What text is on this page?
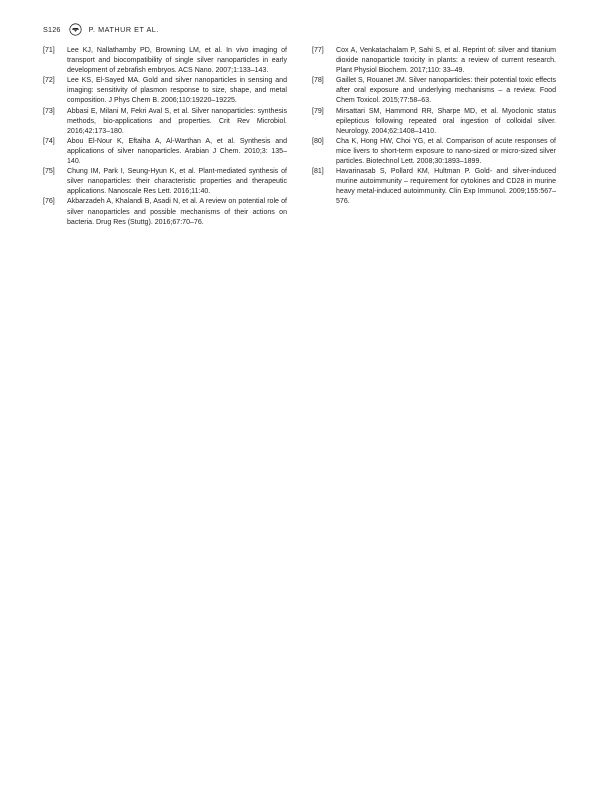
S126	P. MATHUR ET AL.
[71]	Lee KJ, Nallathamby PD, Browning LM, et al. In vivo imaging of transport and biocompatibility of single silver nanoparticles in early development of zebrafish embryos. ACS Nano. 2007;1:133–143.
[72]	Lee KS, El-Sayed MA. Gold and silver nanoparticles in sensing and imaging: sensitivity of plasmon response to size, shape, and metal composition. J Phys Chem B. 2006;110:19220–19225.
[73]	Abbasi E, Milani M, Fekri Aval S, et al. Silver nanoparticles: synthesis methods, bio-applications and properties. Crit Rev Microbiol. 2016;42:173–180.
[74]	Abou El-Nour K, Eftaiha A, Al-Warthan A, et al. Synthesis and applications of silver nanoparticles. Arabian J Chem. 2010;3: 135–140.
[75]	Chung IM, Park I, Seung-Hyun K, et al. Plant-mediated synthesis of silver nanoparticles: their characteristic properties and therapeutic applications. Nanoscale Res Lett. 2016;11:40.
[76]	Akbarzadeh A, Khalandi B, Asadi N, et al. A review on potential role of silver nanoparticles and possible mechanisms of their actions on bacteria. Drug Res (Stuttg). 2016;67:70–76.
[77]	Cox A, Venkatachalam P, Sahi S, et al. Reprint of: silver and titanium dioxide nanoparticle toxicity in plants: a review of current research. Plant Physiol Biochem. 2017;110: 33–49.
[78]	Gaillet S, Rouanet JM. Silver nanoparticles: their potential toxic effects after oral exposure and underlying mechanisms – a review. Food Chem Toxicol. 2015;77:58–63.
[79]	Mirsattari SM, Hammond RR, Sharpe MD, et al. Myoclonic status epilepticus following repeated oral ingestion of colloidal silver. Neurology. 2004;62:1408–1410.
[80]	Cha K, Hong HW, Choi YG, et al. Comparison of acute responses of mice livers to short-term exposure to nano-sized or micro-sized silver particles. Biotechnol Lett. 2008;30:1893–1899.
[81]	Havarinasab S, Pollard KM, Hultman P. Gold- and silver-induced murine autoimmunity – requirement for cytokines and CD28 in murine heavy metal-induced autoimmunity. Clin Exp Immunol. 2009;155:567–576.
